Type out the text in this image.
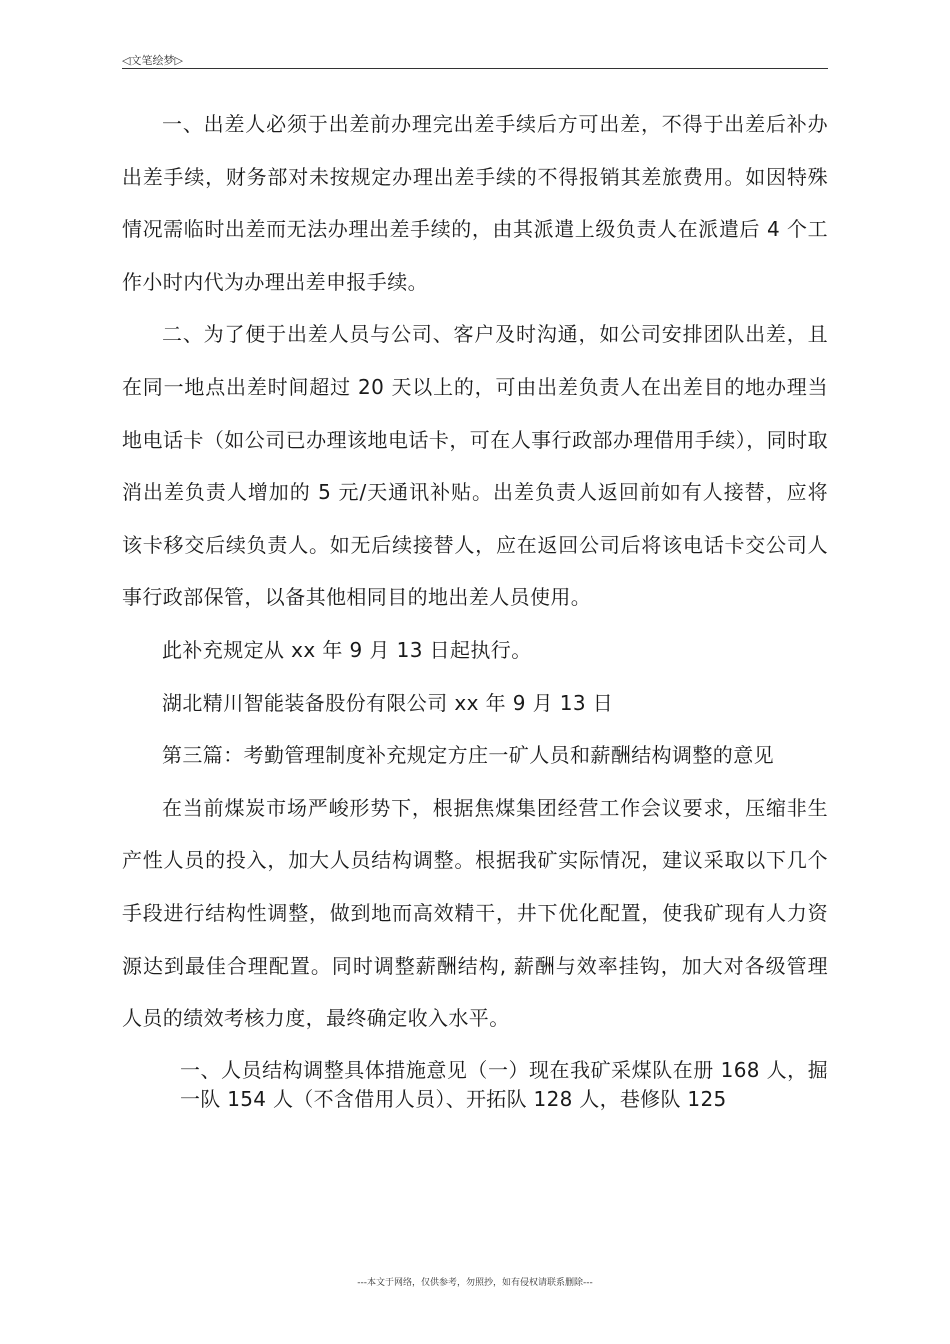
◁文笔绘梦▷

一、出差人必须于出差前办理完出差手续后方可出差，不得于出差后补办出差手续，财务部对未按规定办理出差手续的不得报销其差旅费用。如因特殊情况需临时出差而无法办理出差手续的，由其派遣上级负责人在派遣后 4 个工作小时内代为办理出差申报手续。

二、为了便于出差人员与公司、客户及时沟通，如公司安排团队出差，且在同一地点出差时间超过 20 天以上的，可由出差负责人在出差目的地办理当地电话卡（如公司已办理该地电话卡，可在人事行政部办理借用手续），同时取消出差负责人增加的 5 元/天通讯补贴。出差负责人返回前如有人接替，应将该卡移交后续负责人。如无后续接替人，应在返回公司后将该电话卡交公司人事行政部保管，以备其他相同目的地出差人员使用。

此补充规定从 xx 年 9 月 13 日起执行。

湖北精川智能装备股份有限公司 xx 年 9 月 13 日

第三篇：考勤管理制度补充规定方庄一矿人员和薪酬结构调整的意见

在当前煤炭市场严峻形势下，根据焦煤集团经营工作会议要求，压缩非生产性人员的投入，加大人员结构调整。根据我矿实际情况，建议采取以下几个手段进行结构性调整，做到地而高效精干，井下优化配置，使我矿现有人力资源达到最佳合理配置。同时调整薪酬结构, 薪酬与效率挂钩，加大对各级管理人员的绩效考核力度，最终确定收入水平。

一、人员结构调整具体措施意见（一）现在我矿采煤队在册 168 人，掘一队 154 人（不含借用人员）、开拓队 128 人，巷修队 125

---本文于网络，仅供参考，勿照抄，如有侵权请联系删除---
